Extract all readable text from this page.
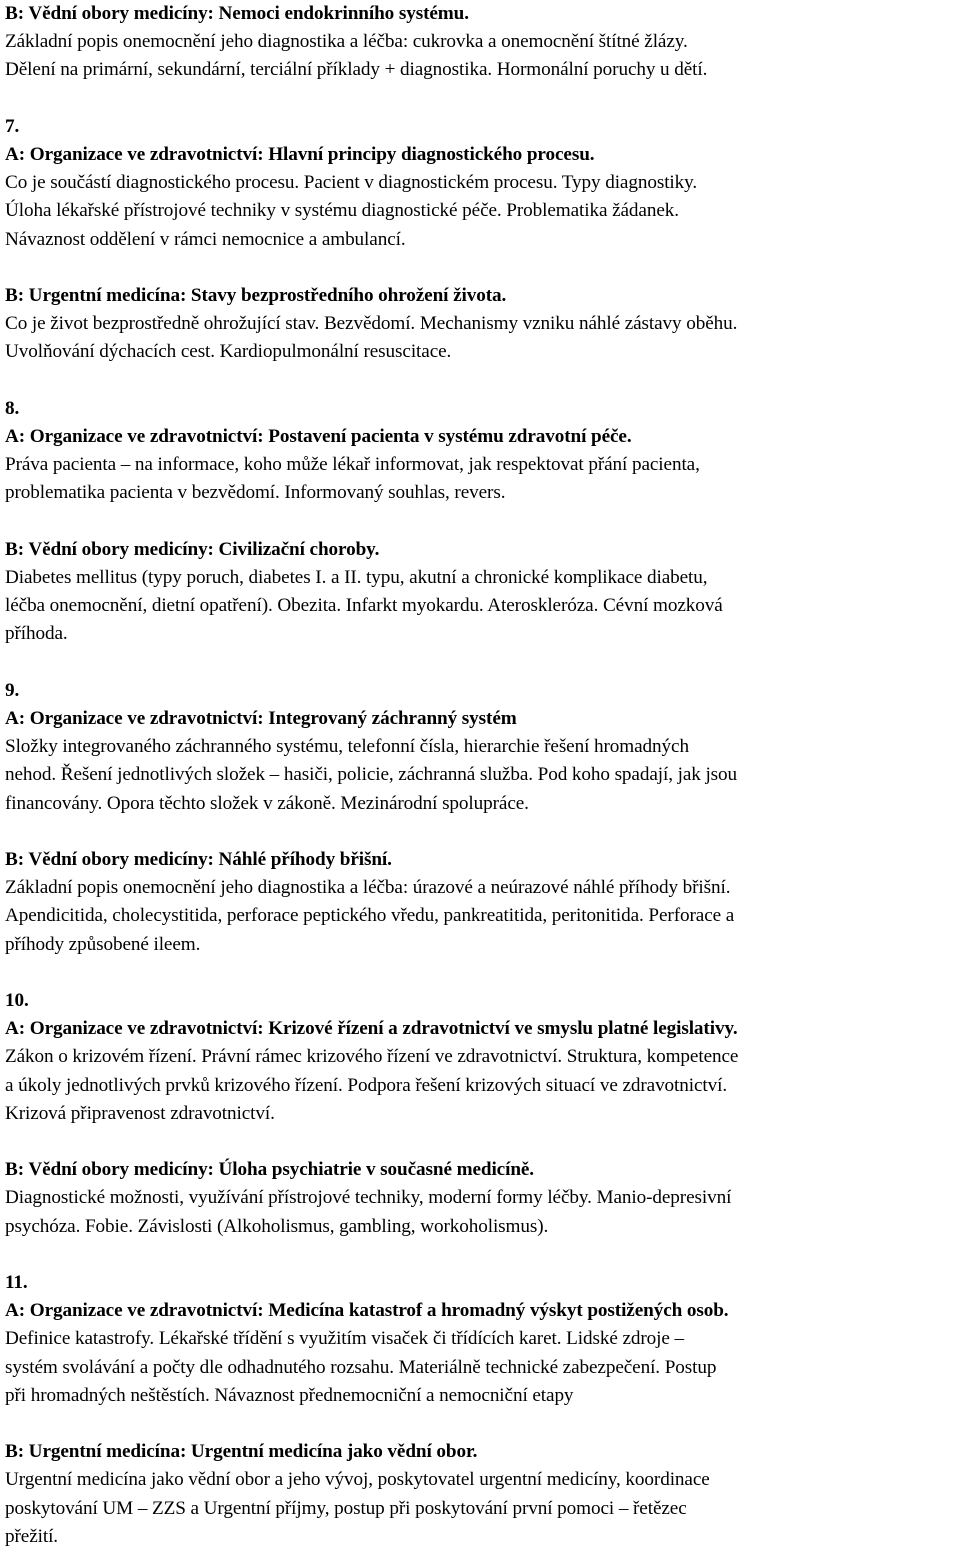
B: Vědní obory medicíny: Nemoci endokrinního systému.
Základní popis onemocnění jeho diagnostika a léčba: cukrovka a onemocnění štítné žlázy.
Dělení na primární, sekundární, terciální příklady + diagnostika. Hormonální poruchy u dětí.
7.
A: Organizace ve zdravotnictví: Hlavní principy diagnostického procesu.
Co je součástí diagnostického procesu. Pacient v diagnostickém procesu. Typy diagnostiky.
Úloha lékařské přístrojové techniky v systému diagnostické péče. Problematika žádanek.
Návaznost oddělení v rámci nemocnice a ambulancí.
B: Urgentní medicína: Stavy bezprostředního ohrožení života.
Co je život bezprostředně ohrožující stav. Bezvědomí. Mechanismy vzniku náhlé zástavy oběhu.
Uvolňování dýchacích cest. Kardiopulmonální resuscitace.
8.
A: Organizace ve zdravotnictví: Postavení pacienta v systému zdravotní péče.
Práva pacienta – na informace, koho může lékař informovat, jak respektovat přání pacienta,
problematika pacienta v bezvědomí. Informovaný souhlas, revers.
B: Vědní obory medicíny: Civilizační choroby.
Diabetes mellitus (typy poruch, diabetes I. a II. typu, akutní a chronické komplikace diabetu,
léčba onemocnění, dietní opatření). Obezita. Infarkt myokardu. Ateroskleróza. Cévní mozková
příhoda.
9.
A: Organizace ve zdravotnictví: Integrovaný záchranný systém
Složky integrovaného záchranného systému, telefonní čísla, hierarchie řešení hromadných
nehod. Řešení jednotlivých složek – hasiči, policie, záchranná služba. Pod koho spadají, jak jsou
financovány. Opora těchto složek v zákoně. Mezinárodní spolupráce.
B: Vědní obory medicíny: Náhlé příhody břišní.
Základní popis onemocnění jeho diagnostika a léčba: úrazové a neúrazové náhlé příhody břišní.
Apendicitida, cholecystitida, perforace peptického vředu, pankreatitida, peritonitida. Perforace a
příhody způsobené ileem.
10.
A: Organizace ve zdravotnictví: Krizové řízení a zdravotnictví ve smyslu platné legislativy.
Zákon o krizovém řízení. Právní rámec krizového řízení ve zdravotnictví. Struktura, kompetence
a úkoly jednotlivých prvků krizového řízení. Podpora řešení krizových situací ve zdravotnictví.
Krizová připravenost zdravotnictví.
B: Vědní obory medicíny: Úloha psychiatrie v současné medicíně.
Diagnostické možnosti, využívání přístrojové techniky, moderní formy léčby. Manio-depresivní
psychóza. Fobie. Závislosti (Alkoholismus, gambling, workoholismus).
11.
A: Organizace ve zdravotnictví: Medicína katastrof a hromadný výskyt postižených osob.
Definice katastrofy. Lékařské třídění s využitím visaček či třídících karet. Lidské zdroje –
systém svolávání a počty dle odhadnutého rozsahu. Materiálně technické zabezpečení. Postup
při hromadných neštěstích. Návaznost přednemocniční a nemocniční etapy
B: Urgentní medicína: Urgentní medicína jako vědní obor.
Urgentní medicína jako vědní obor a jeho vývoj, poskytovatel urgentní medicíny, koordinace
poskytování UM – ZZS a Urgentní příjmy, postup při poskytování první pomoci – řetězec
přežití.
